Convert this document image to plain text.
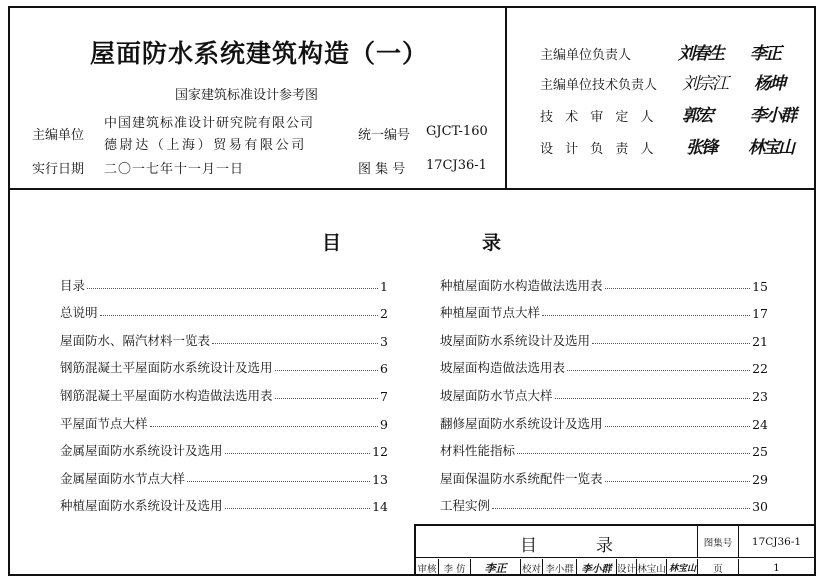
屋面防水系统建筑构造（一）
国家建筑标准设计参考图
主编单位
中国建筑标准设计研究院有限公司
德尉达（上海）贸易有限公司
实行日期 二〇一七年十一月一日
统一编号 GJCT-160
图 集 号 17CJ36-1
主编单位负责人	刘春生 李正
主编单位技术负责人 刘宗江 杨坤
技 术 审 定 人 郭宏 李小群
设 计 负 责 人 张锋 林宝山
目	录
目录	1
总说明	2
屋面防水、隔汽材料一览表	3
钢筋混凝土平屋面防水系统设计及选用	6
钢筋混凝土平屋面防水构造做法选用表	7
平屋面节点大样	9
金属屋面防水系统设计及选用	12
金属屋面防水节点大样	13
种植屋面防水系统设计及选用	14
种植屋面防水构造做法选用表	15
种植屋面节点大样	17
坡屋面防水系统设计及选用	21
坡屋面构造做法选用表	22
坡屋面防水节点大样	23
翻修屋面防水系统设计及选用	24
材料性能指标	25
屋面保温防水系统配件一览表	29
工程实例	30
目	录	图集号	17CJ36-1
页	1
审核 李 仿	李正	校对 李小群 李小群 设计 林宝山 林宝山
